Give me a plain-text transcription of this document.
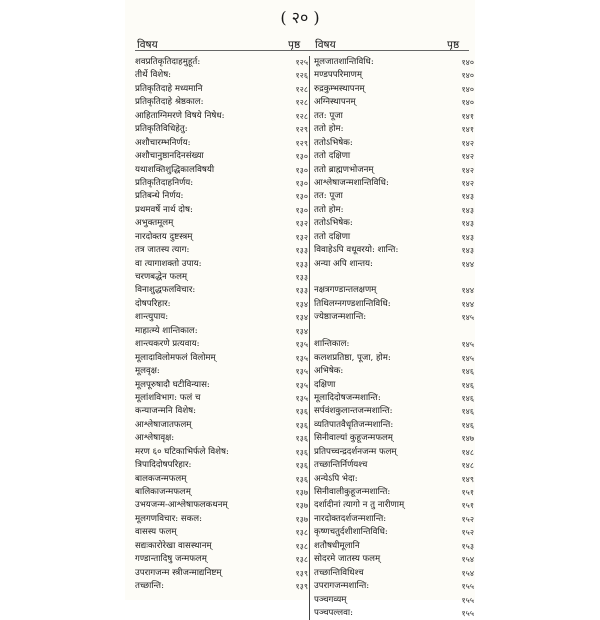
( २० )
विषय	पृष्ठ विषय	पृष्ठ
शवप्रतिकृतिदाहमुहूर्त:	१२५
तीर्थे विशेष:	१२६
प्रतिकृतिदाहे मध्यमानि	१२८
प्रतिकृतिदाहे श्रेष्ठकाल:	१२८
आहिताग्निमरणे विषये निषेध:	१२८
प्रतिकृतिविधिहेतु:	१२९
अशौचारम्भनिर्णय:	१२९
अशौचानुष्ठानदिनसंख्या	१३०
यथाशक्तिशुद्धिकालविषयी	१३०
प्रतिकृतिदाहनिर्णय:	१३०
प्रतिबन्धे निर्णय:	१३०
प्रथमवर्षे नार्थ दोष:	१३०
अभुक्तमूलम्	१३२
नारदोक्तय दुष्टस्त्रम्	१३२
तत्र जातस्य त्याग:	१३३
वा त्यागाशक्तो उपाय:	१३३
चरणबद्धेन फलम्	१३३
विनाशुद्धफलविचार:	१३३
दोषपरिहार:	१३४
शान्त्युपाय:	१३४
माहात्म्ये शान्तिकाल:	१३४
शान्त्यकरणे प्रत्यवाय:	१३५
मूलादाविलोमफलं विलोमम्	१३५
मूलवृक्ष:	१३५
मूलपूरुषादौ घटीविन्यास:	१३५
मूलांशविभाग: फलं च	१३५
कन्याजन्मनि विशेष:	१३६
आश्लेषाजातफलम्	१३६
आश्लेषावृक्ष:	१३६
मरण ६० घटिकाभिर्फले विशेष:	१३६
त्रिपादिदोषपरिहार:	१३६
बालकजन्मफलम्	१३६
बालिकाजन्मफलम्	१३७
उभयजन्म-आश्लेषाफलकथनम्	१३७
मूलगणविचार: सकल:	१३७
वासस्य फलम्	१३८
सद्यःकारोरेखा वासस्थानम्	१३८
गण्डान्तादिषु जन्मफलम्	१३८
उपरागजन्म स्त्रीजन्माद्यनिष्टम्	१३९
तच्छान्ति:	१३९
मूलजातशान्तिविधि:	१४०
मण्डपपरिमाणम्	१४०
रुद्रकुम्भस्थापनम्	१४०
अग्निस्थापनम्	१४०
तत: पूजा	१४१
ततो होम:	१४१
ततोऽभिषेक:	१४२
ततो दक्षिणा	१४२
ततो ब्राह्मणभोजनम्	१४२
आश्लेषाजन्मशान्तिविधि:	१४२
तत: पूजा	१४३
ततो होम:	१४३
ततोऽभिषेक:	१४३
ततो दक्षिणा	१४३
विवाहेऽपि वधूवरयो: शान्ति:	१४३
अन्या अपि शान्तय:	१४४
नक्षत्रगण्डान्तलक्षणम्	१४४
तिथिलग्नगण्डशान्तिविधि:	१४४
ज्येष्ठाजन्मशान्ति:	१४५
शान्तिकाल:	१४५
कलशप्रतिष्ठा, पूजा, होम:	१४५
अभिषेक:	१४६
दक्षिणा	१४६
मूलादिदोषजन्मशान्ति:	१४६
सर्पवंशकुलान्तजन्मशान्ति:	१४६
व्यतिपातवैधृतिजन्मशान्ति:	१४६
सिनीवाल्यां कुहूजन्मफलम्	१४७
प्रतिपच्चन्द्रदर्शनजन्म फलम्	१४८
तच्छान्तिर्निर्णयश्च	१४८
अन्येऽपि भेदा:	१४९
सिनीवालीकुहूजन्मशान्ति:	१५१
दर्शादीनां त्यागो न तु नारीणाम्	१५१
नारदोक्तदर्शजन्मशान्ति:	१५२
कृष्णचतुर्दशीशान्तिविधि:	१५२
शतौषधीमूलानि	१५३
सोदरमे जातस्य फलम्	१५४
तच्छान्तिविधिश्च	१५४
उपरागजन्मशान्ति:	१५५
पञ्चगव्यम्	१५५
पञ्चपल्लवा:	१५५
